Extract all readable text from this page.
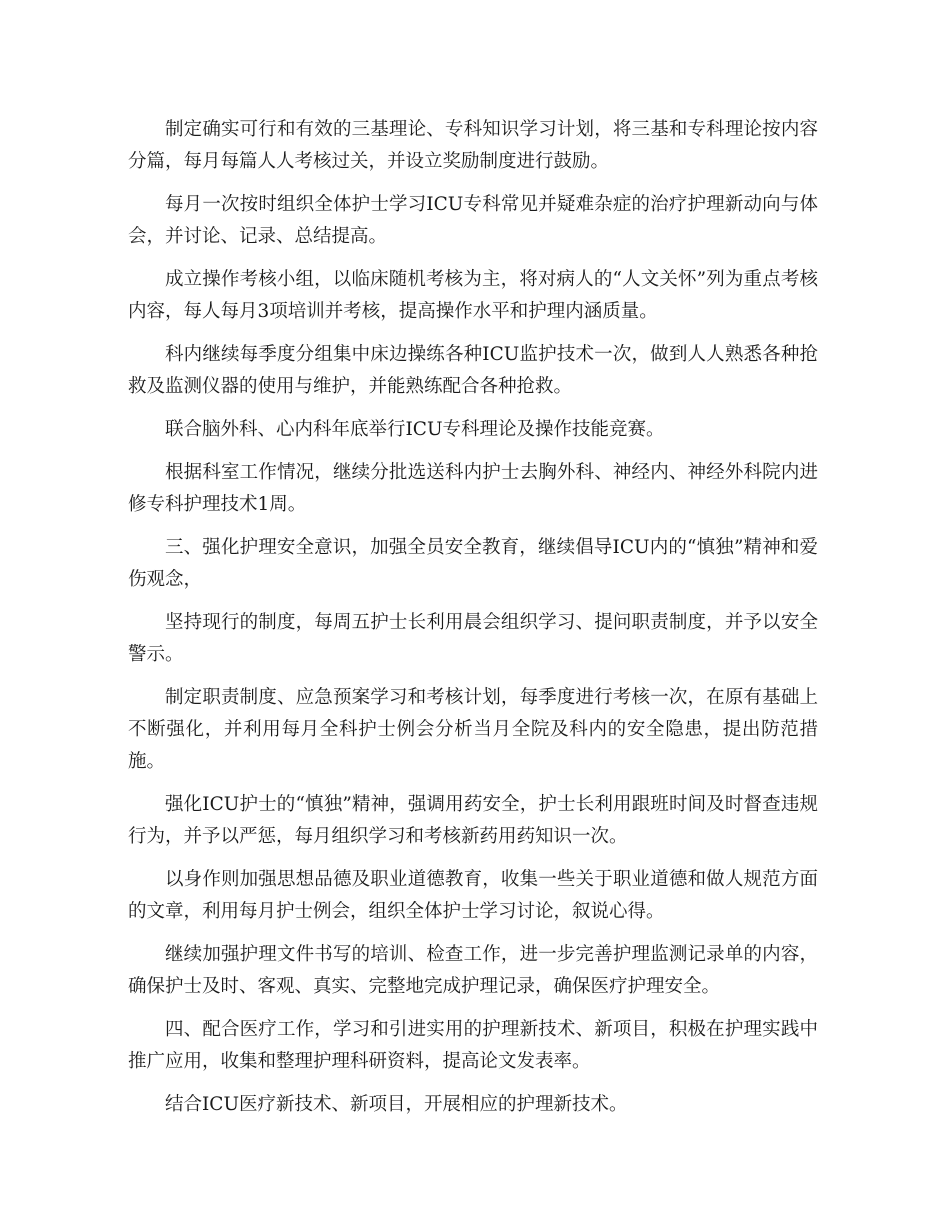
制定确实可行和有效的三基理论、专科知识学习计划，将三基和专科理论按内容分篇，每月每篇人人考核过关，并设立奖励制度进行鼓励。

每月一次按时组织全体护士学习ICU专科常见并疑难杂症的治疗护理新动向与体会，并讨论、记录、总结提高。

成立操作考核小组，以临床随机考核为主，将对病人的“人文关怀”列为重点考核内容，每人每月3项培训并考核，提高操作水平和护理内涵质量。

科内继续每季度分组集中床边操练各种ICU监护技术一次，做到人人熟悉各种抢救及监测仪器的使用与维护，并能熟练配合各种抢救。

联合脑外科、心内科年底举行ICU专科理论及操作技能竞赛。

根据科室工作情况，继续分批选送科内护士去胸外科、神经内、神经外科院内进修专科护理技术1周。

三、强化护理安全意识，加强全员安全教育，继续倡导ICU内的“慎独”精神和爱伤观念，

坚持现行的制度，每周五护士长利用晨会组织学习、提问职责制度，并予以安全警示。

制定职责制度、应急预案学习和考核计划，每季度进行考核一次，在原有基础上不断强化，并利用每月全科护士例会分析当月全院及科内的安全隐患，提出防范措施。

强化ICU护士的“慎独”精神，强调用药安全，护士长利用跟班时间及时督查违规行为，并予以严惩，每月组织学习和考核新药用药知识一次。

以身作则加强思想品德及职业道德教育，收集一些关于职业道德和做人规范方面的文章，利用每月护士例会，组织全体护士学习讨论，叙说心得。

继续加强护理文件书写的培训、检查工作，进一步完善护理监测记录单的内容，确保护士及时、客观、真实、完整地完成护理记录，确保医疗护理安全。

四、配合医疗工作，学习和引进实用的护理新技术、新项目，积极在护理实践中推广应用，收集和整理护理科研资料，提高论文发表率。

结合ICU医疗新技术、新项目，开展相应的护理新技术。
